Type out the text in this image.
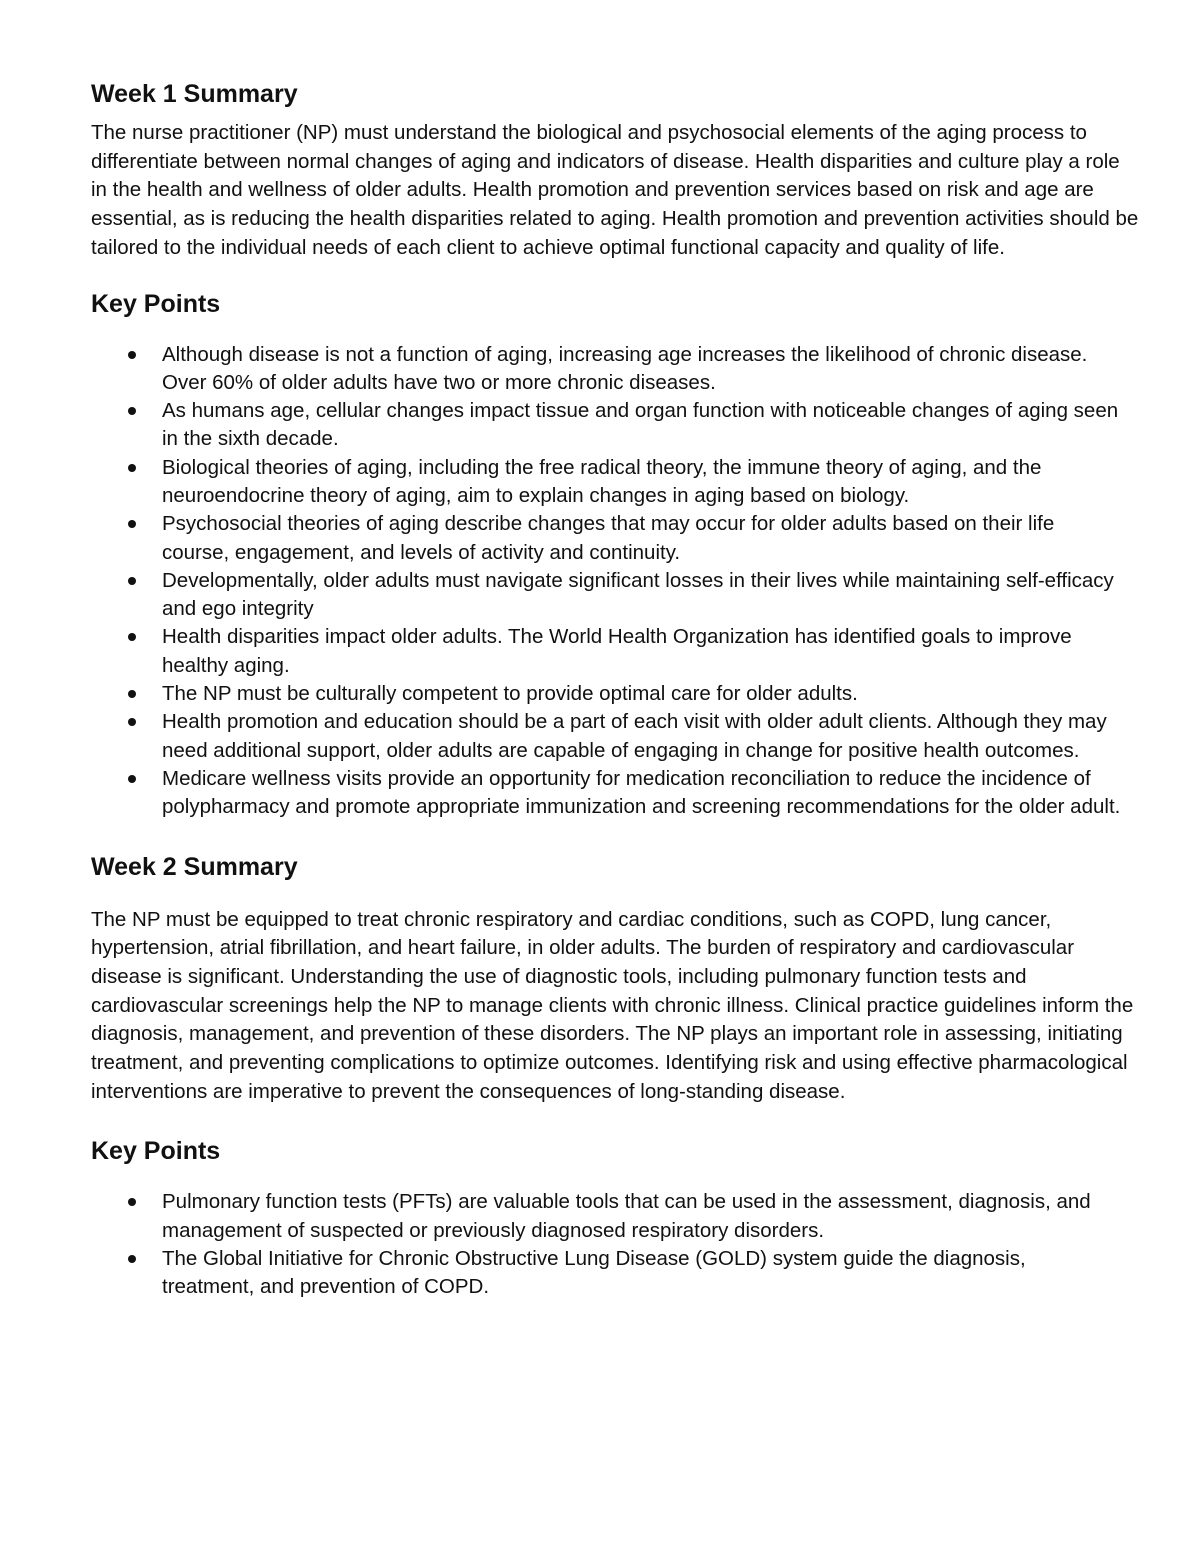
Week 1 Summary

The nurse practitioner (NP) must understand the biological and psychosocial elements of the aging process to differentiate between normal changes of aging and indicators of disease. Health disparities and culture play a role in the health and wellness of older adults. Health promotion and prevention services based on risk and age are essential, as is reducing the health disparities related to aging. Health promotion and prevention activities should be tailored to the individual needs of each client to achieve optimal functional capacity and quality of life.

Key Points
Although disease is not a function of aging, increasing age increases the likelihood of chronic disease. Over 60% of older adults have two or more chronic diseases.
As humans age, cellular changes impact tissue and organ function with noticeable changes of aging seen in the sixth decade.
Biological theories of aging, including the free radical theory, the immune theory of aging, and the neuroendocrine theory of aging, aim to explain changes in aging based on biology.
Psychosocial theories of aging describe changes that may occur for older adults based on their life course, engagement, and levels of activity and continuity.
Developmentally, older adults must navigate significant losses in their lives while maintaining self-efficacy and ego integrity
Health disparities impact older adults. The World Health Organization has identified goals to improve healthy aging.
The NP must be culturally competent to provide optimal care for older adults.
Health promotion and education should be a part of each visit with older adult clients. Although they may need additional support, older adults are capable of engaging in change for positive health outcomes.
Medicare wellness visits provide an opportunity for medication reconciliation to reduce the incidence of polypharmacy and promote appropriate immunization and screening recommendations for the older adult.
Week 2 Summary

The NP must be equipped to treat chronic respiratory and cardiac conditions, such as COPD, lung cancer, hypertension, atrial fibrillation, and heart failure, in older adults. The burden of respiratory and cardiovascular disease is significant. Understanding the use of diagnostic tools, including pulmonary function tests and cardiovascular screenings help the NP to manage clients with chronic illness. Clinical practice guidelines inform the diagnosis, management, and prevention of these disorders. The NP plays an important role in assessing, initiating treatment, and preventing complications to optimize outcomes. Identifying risk and using effective pharmacological interventions are imperative to prevent the consequences of long-standing disease.

Key Points
Pulmonary function tests (PFTs) are valuable tools that can be used in the assessment, diagnosis, and management of suspected or previously diagnosed respiratory disorders.
The Global Initiative for Chronic Obstructive Lung Disease (GOLD) system guide the diagnosis, treatment, and prevention of COPD.
